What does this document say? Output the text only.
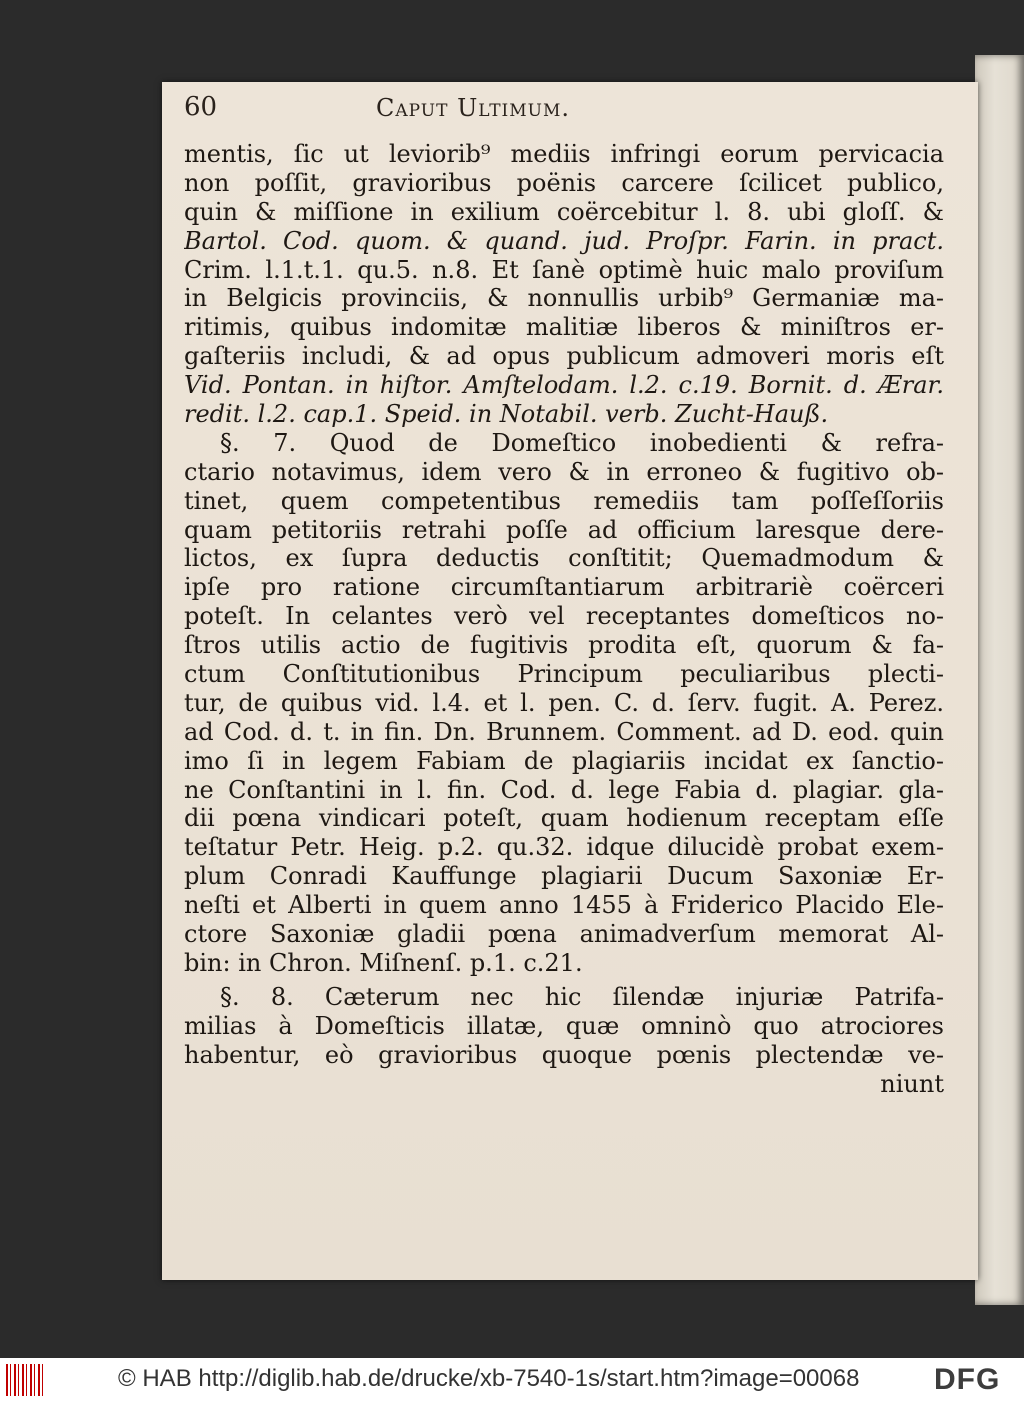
60	Caput Ultimum.
mentis, ſic ut leviorib⁹ mediis infringi eorum pervicacia
non poſſit, gravioribus poënis carcere ſcilicet publico,
quin & miſſione in exilium coërcebitur l. 8. ubi gloſſ. &
Bartol. Cod. quom. & quand. jud. Proſpr. Farin. in pract.
Crim. l.1.t.1. qu.5. n.8. Et ſanè optimè huic malo proviſum
in Belgicis provinciis, & nonnullis urbib⁹ Germaniæ ma-
ritimis, quibus indomitæ malitiæ liberos & miniſtros er-
gaſteriis includi, & ad opus publicum admoveri moris eſt
Vid. Pontan. in hiſtor. Amſtelodam. l.2. c.19. Bornit. d. Ærar.
redit. l.2. cap.1. Speid. in Notabil. verb. Zucht-Hauß.
§. 7. Quod de Domeſtico inobedienti & refra-
ctario notavimus, idem vero & in erroneo & fugitivo ob-
tinet, quem competentibus remediis tam poſſeſſoriis
quam petitoriis retrahi poſſe ad officium laresque dere-
lictos, ex ſupra deductis conſtitit; Quemadmodum &
ipſe pro ratione circumſtantiarum arbitrariè coërceri
poteſt. In celantes verò vel receptantes domeſticos no-
ſtros utilis actio de fugitivis prodita eſt, quorum & fa-
ctum Conſtitutionibus Principum peculiaribus plecti-
tur, de quibus vid. l.4. et l. pen. C. d. ſerv. fugit. A. Perez.
ad Cod. d. t. in fin. Dn. Brunnem. Comment. ad D. eod. quin
imo ſi in legem Fabiam de plagiariis incidat ex ſanctio-
ne Conſtantini in l. fin. Cod. d. lege Fabia d. plagiar. gla-
dii pœna vindicari poteſt, quam hodienum receptam eſſe
teſtatur Petr. Heig. p.2. qu.32. idque dilucidè probat exem-
plum Conradi Kauffunge plagiarii Ducum Saxoniæ Er-
neſti et Alberti in quem anno 1455 à Friderico Placido Ele-
ctore Saxoniæ gladii pœna animadverſum memorat Al-
bin: in Chron. Miſnenſ. p.1. c.21.
§. 8. Cæterum nec hic ſilendæ injuriæ Patrifa-
milias à Domeſticis illatæ, quæ omninò quo atrociores
habentur, eò gravioribus quoque pœnis plectendæ ve-
niunt
© HAB http://diglib.hab.de/drucke/xb-7540-1s/start.htm?image=00068 DFG
